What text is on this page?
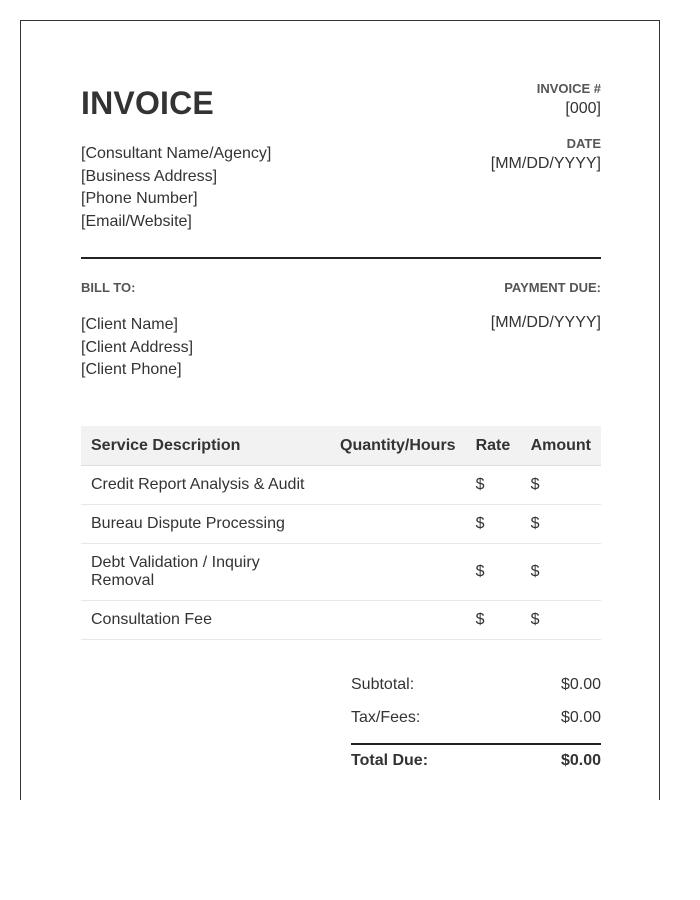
INVOICE
[Consultant Name/Agency]
[Business Address]
[Phone Number]
[Email/Website]
INVOICE #
[000]
DATE
[MM/DD/YYYY]
BILL TO:	PAYMENT DUE:
[Client Name]
[Client Address]
[Client Phone]
[MM/DD/YYYY]
Service Description	Quantity/Hours	Rate	Amount
Credit Report Analysis & Audit		$	$
Bureau Dispute Processing		$	$
Debt Validation / Inquiry Removal		$	$
Consultation Fee		$	$
Subtotal:	$0.00
Tax/Fees:	$0.00
Total Due:	$0.00
